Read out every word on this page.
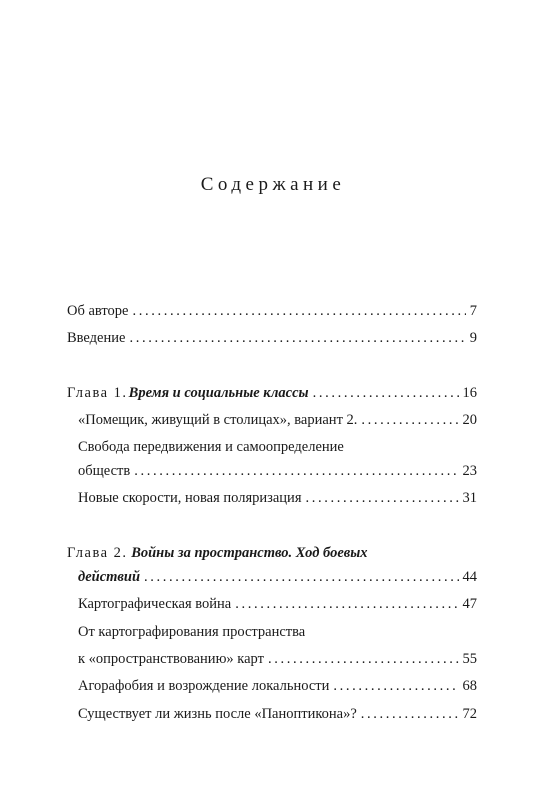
Содержание
Об авторе . . .	7
Введение . . .	9
Глава 1. Время и социальные классы . . .	16
«Помещик, живущий в столицах», вариант 2. . . .	20
Свобода передвижения и самоопределение
обществ . . .	23
Новые скорости, новая поляризация . . .	31
Глава 2. Войны за пространство. Ход боевых
действий . . .	44
Картографическая война . . .	47
От картографирования пространства
к «опространствованию» карт . . .	55
Агорафобия и возрождение локальности . . .	68
Существует ли жизнь после «Паноптикона»? . . .	72
